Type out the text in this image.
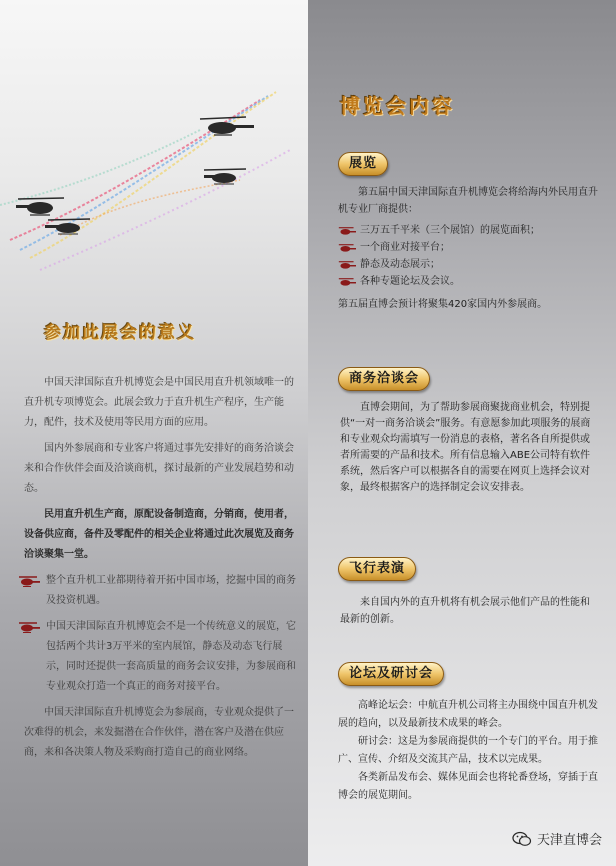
参加此展会的意义

中国天津国际直升机博览会是中国民用直升机领域唯一的直升机专项博览会。此展会致力于直升机生产程序，生产能力，配件，技术及使用等民用方面的应用。

国内外参展商和专业客户将通过事先安排好的商务洽谈会来和合作伙伴会面及洽谈商机，探讨最新的产业发展趋势和动态。

民用直升机生产商，原配设备制造商，分销商，使用者，设备供应商，备件及零配件的相关企业将通过此次展览及商务洽谈聚集一堂。

整个直升机工业都期待着开拓中国市场，挖掘中国的商务及投资机遇。

中国天津国际直升机博览会不是一个传统意义的展览，它包括两个共计3万平米的室内展馆，静态及动态飞行展示，同时还提供一套高质量的商务会议安排，为参展商和专业观众打造一个真正的商务对接平台。

中国天津国际直升机博览会为参展商，专业观众提供了一次难得的机会，来发掘潜在合作伙伴，潜在客户及潜在供应商，来和各决策人物及采购商打造自己的商业网络。

博览会内容
展览

第五届中国天津国际直升机博览会将给海内外民用直升机专业厂商提供：

三万五千平米（三个展馆）的展览面积；
一个商业对接平台；
静态及动态展示；
各种专题论坛及会议。

第五届直博会预计将聚集420家国内外参展商。

商务洽谈会

直博会期间，为了帮助参展商聚拢商业机会，特别提供“一对一商务洽谈会”服务。有意愿参加此项服务的展商和专业观众均需填写一份消息的表格，著名各自所提供或者所需要的产品和技术。所有信息输入ABE公司特有软件系统，然后客户可以根据各自的需要在网页上选择会议对象，最终根据客户的选择制定会议安排表。

飞行表演

来自国内外的直升机将有机会展示他们产品的性能和最新的创新。

论坛及研讨会

高峰论坛会：中航直升机公司将主办围绕中国直升机发展的趋向，以及最新技术成果的峰会。

研讨会：这是为参展商提供的一个专门的平台。用于推广、宣传、介绍及交流其产品，技术以完成果。

各类新品发布会、媒体见面会也将轮番登场，穿插于直博会的展览期间。

天津直博会
